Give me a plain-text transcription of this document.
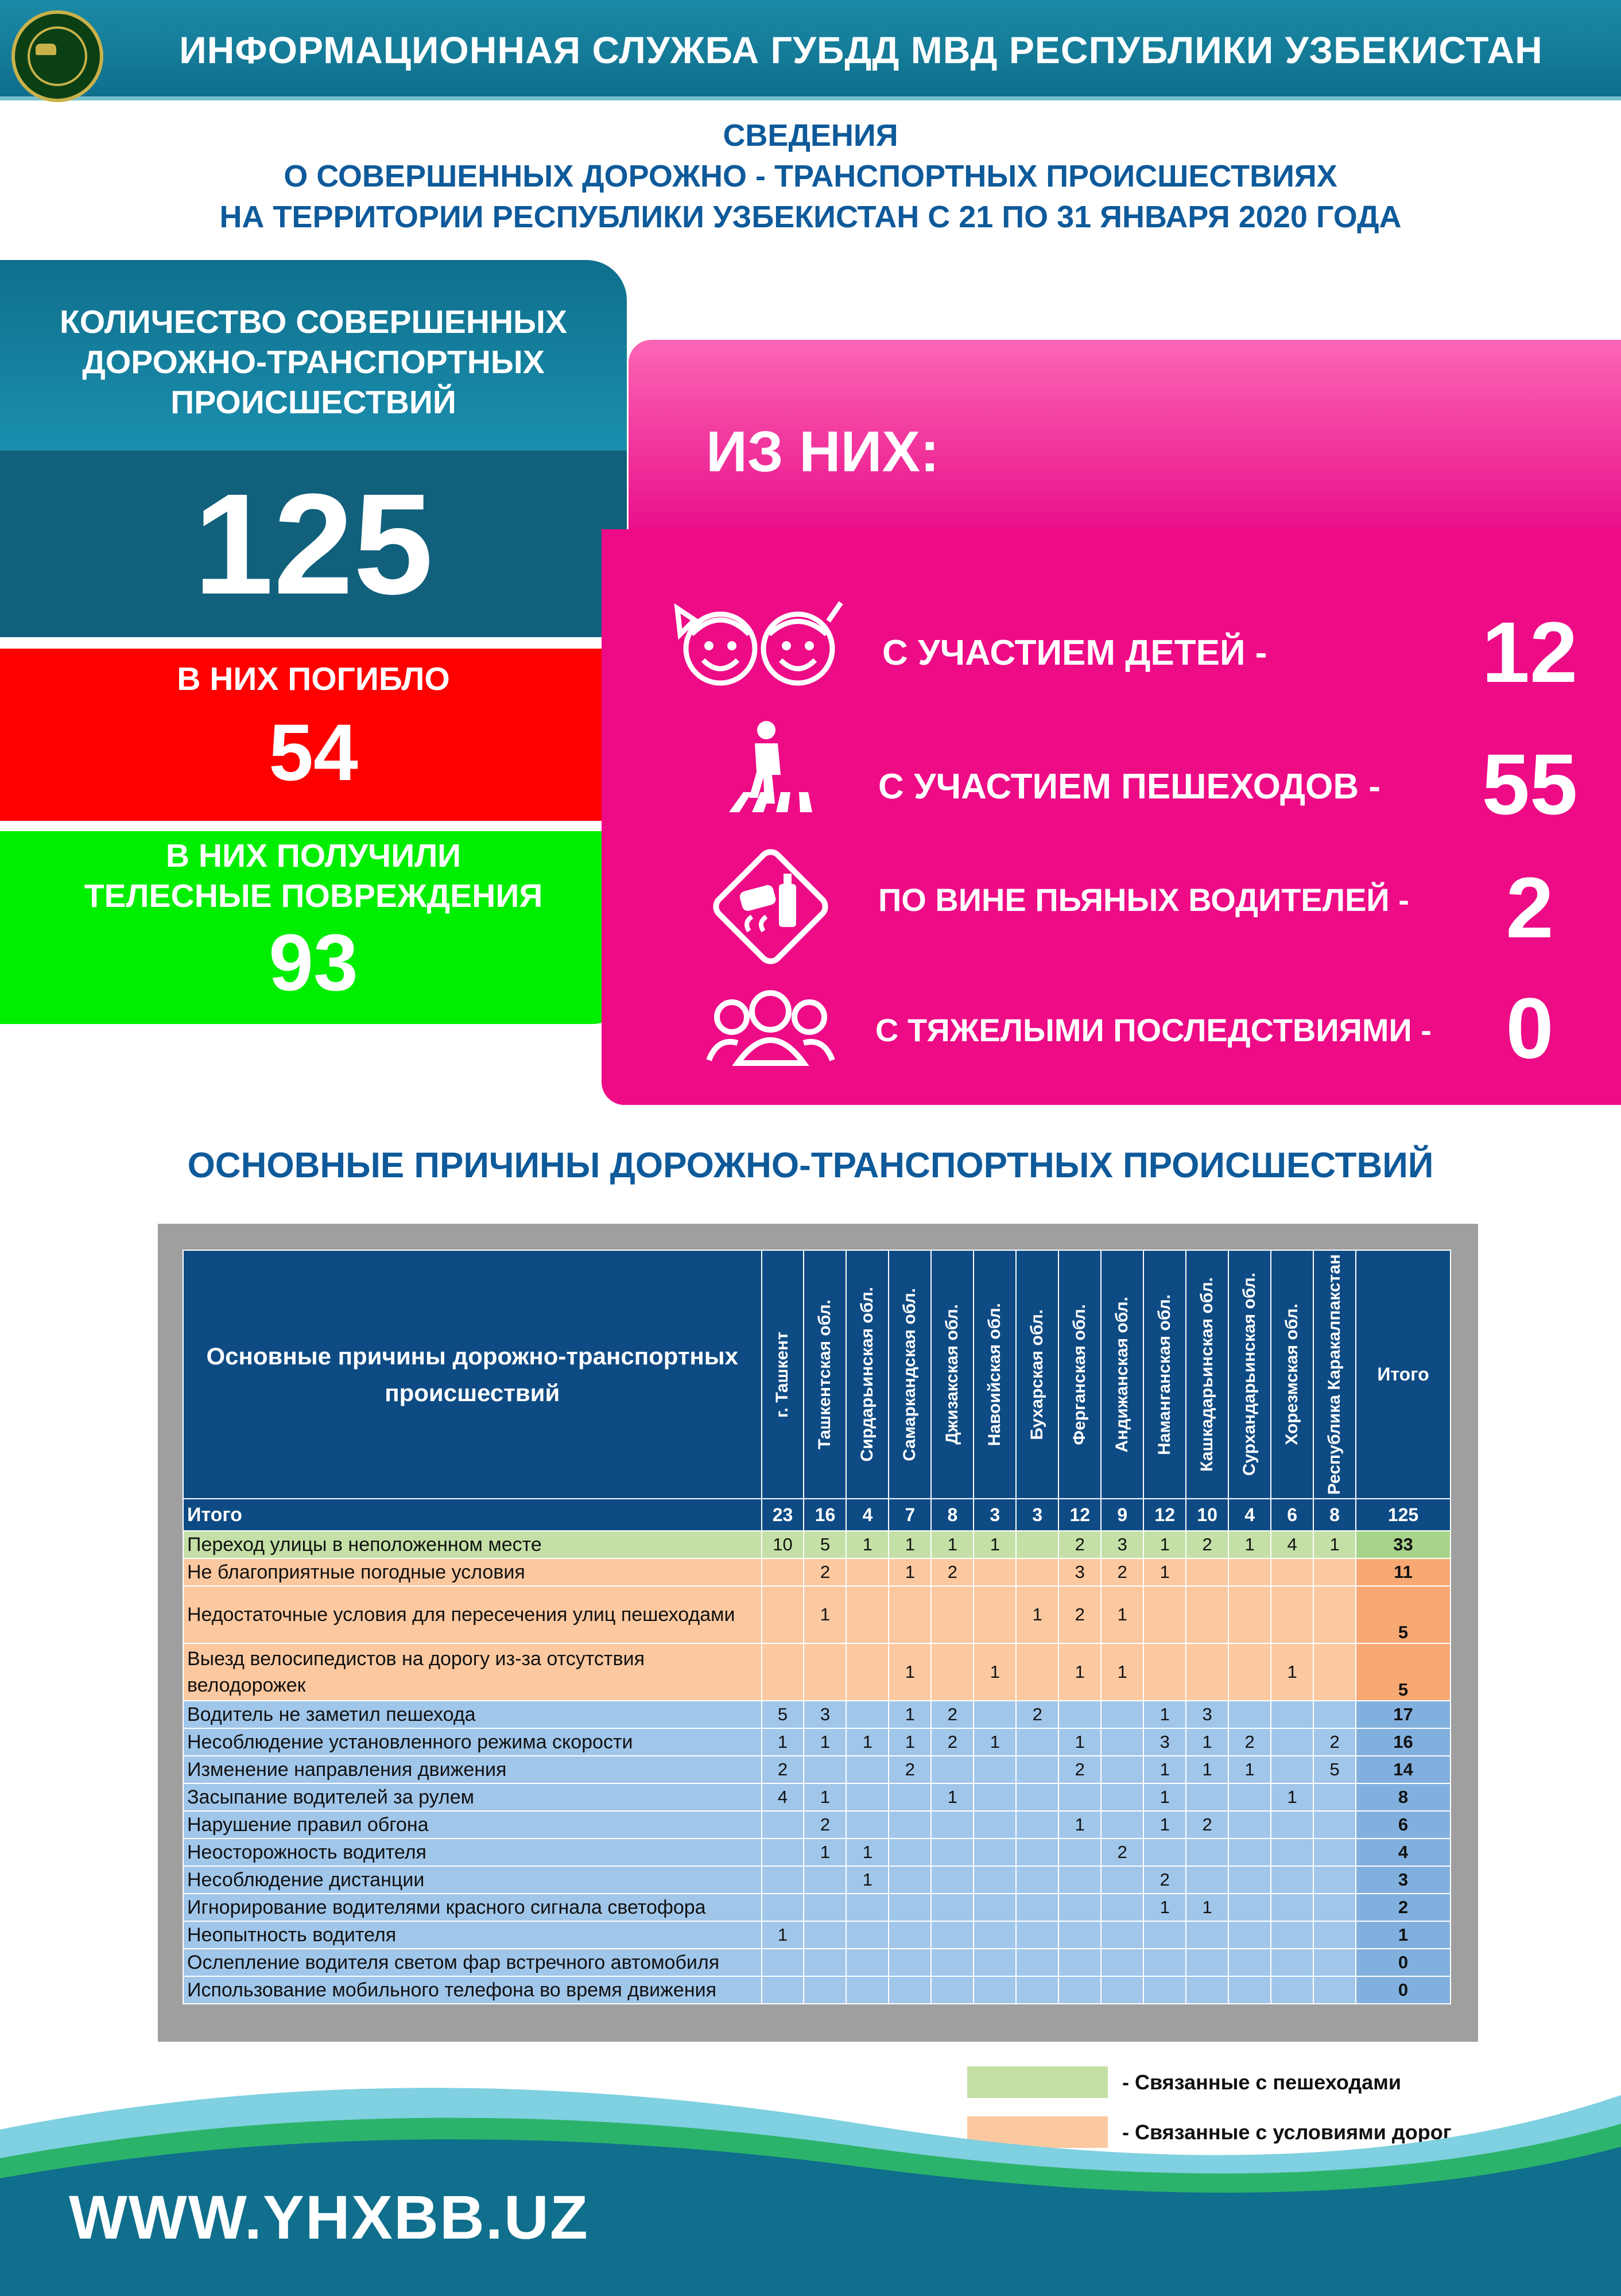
ИНФОРМАЦИОННАЯ СЛУЖБА ГУБДД МВД РЕСПУБЛИКИ УЗБЕКИСТАН
СВЕДЕНИЯ
О СОВЕРШЕННЫХ ДОРОЖНО - ТРАНСПОРТНЫХ ПРОИСШЕСТВИЯХ
НА ТЕРРИТОРИИ РЕСПУБЛИКИ УЗБЕКИСТАН С 21 ПО 31 ЯНВАРЯ 2020 ГОДА
КОЛИЧЕСТВО СОВЕРШЕННЫХ
ДОРОЖНО-ТРАНСПОРТНЫХ
ПРОИСШЕСТВИЙ
125
В НИХ ПОГИБЛО
54
В НИХ ПОЛУЧИЛИ
ТЕЛЕСНЫЕ ПОВРЕЖДЕНИЯ
93
ИЗ НИХ:
С УЧАСТИЕМ ДЕТЕЙ - 12
С УЧАСТИЕМ ПЕШЕХОДОВ - 55
ПО ВИНЕ ПЬЯНЫХ ВОДИТЕЛЕЙ -	2
С ТЯЖЕЛЫМИ ПОСЛЕДСТВИЯМИ - 0
ОСНОВНЫЕ ПРИЧИНЫ ДОРОЖНО-ТРАНСПОРТНЫХ ПРОИСШЕСТВИЙ
Основные причины дорожно-транспортных происшествий	г. Ташкент	Ташкентская обл.	Сирдарьинская обл.	Самаркандская обл.	Джизакская обл.	Навоийская обл.	Бухарская обл.	Ферганская обл.	Андижанская обл.	Наманганская обл.	Кашкадарьинская обл.	Сурхандарьинская обл.	Хорезмская обл.	Республика Каракалпакстан	Итого
Итого	23	16	4	7	8	3	3	12	9	12	10	4	6	8	125
Переход улицы в неположенном месте	10	5	1	1	1	1		2	3	1	2	1	4	1	33
Не благоприятные погодные условия		2		1	2			3	2	1					11
Недостаточные условия для пересечения улиц пешеходами		1					1	2	1						5
Выезд велосипедистов на дорогу из-за отсутствия велодорожек				1		1		1	1				1		5
Водитель не заметил пешехода	5	3		1	2		2			1	3				17
Несоблюдение установленного режима скорости	1	1	1	1	2	1		1		3	1	2		2	16
Изменение направления движения	2			2				2		1	1	1		5	14
Засыпание водителей за рулем	4	1			1					1			1		8
Нарушение правил обгона		2						1		1	2				6
Неосторожность водителя		1	1						2						4
Несоблюдение дистанции			1							2					3
Игнорирование водителями красного сигнала светофора										1	1				2
Неопытность водителя	1														1
Ослепление водителя светом фар встречного автомобиля															0
Использование мобильного телефона во время движения															0
- Связанные с пешеходами
- Связанные с условиями дорог
WWW.YHXBB.UZ
